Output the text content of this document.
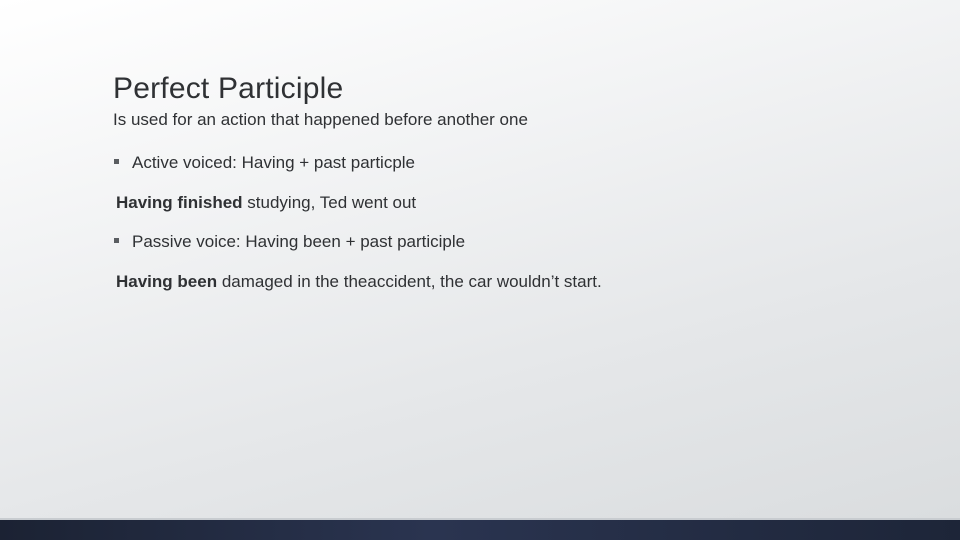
Perfect Participle
Is used for an action that happened before another one
Active voiced: Having + past particple
Having finished studying, Ted went out
Passive voice: Having been + past participle
Having been damaged in the theaccident, the car wouldn’t start.
